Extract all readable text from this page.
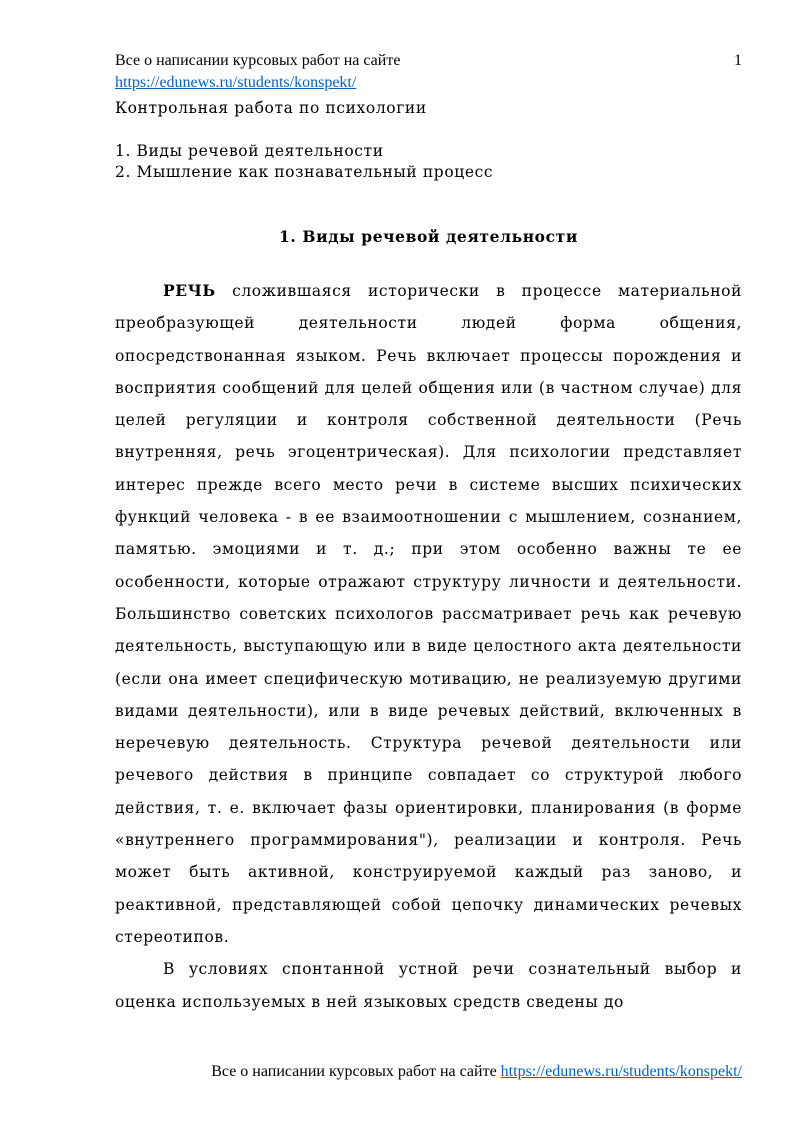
Все о написании курсовых работ на сайте	1
https://edunews.ru/students/konspekt/
Контрольная работа по психологии
1. Виды речевой деятельности
2. Мышление как познавательный процесс
1. Виды речевой деятельности

РЕЧЬ сложившаяся исторически в процессе материальной преобразующей деятельности людей форма общения, опосредствонанная языком. Речь включает процессы порождения и восприятия сообщений для целей общения или (в частном случае) для целей регуляции и контроля собственной деятельности (Речь внутренняя, речь эгоцентрическая). Для психологии представляет интерес прежде всего место речи в системе высших психических функций человека - в ее взаимоотношении с мышлением, сознанием, памятью. эмоциями и т. д.; при этом особенно важны те ее особенности, которые отражают структуру личности и деятельности. Большинство советских психологов рассматривает речь как речевую деятельность, выступающую или в виде целостного акта деятельности (если она имеет специфическую мотивацию, не реализуемую другими видами деятельности), или в виде речевых действий, включенных в неречевую деятельность. Структура речевой деятельности или речевого действия в принципе совпадает со структурой любого действия, т. е. включает фазы ориентировки, планирования (в форме «внутреннего программирования"), реализации и контроля. Речь может быть активной, конструируемой каждый раз заново, и реактивной, представляющей собой цепочку динамических речевых стереотипов.

В условиях спонтанной устной речи сознательный выбор и оценка используемых в ней языковых средств сведены до

Все о написании курсовых работ на сайте https://edunews.ru/students/konspekt/
